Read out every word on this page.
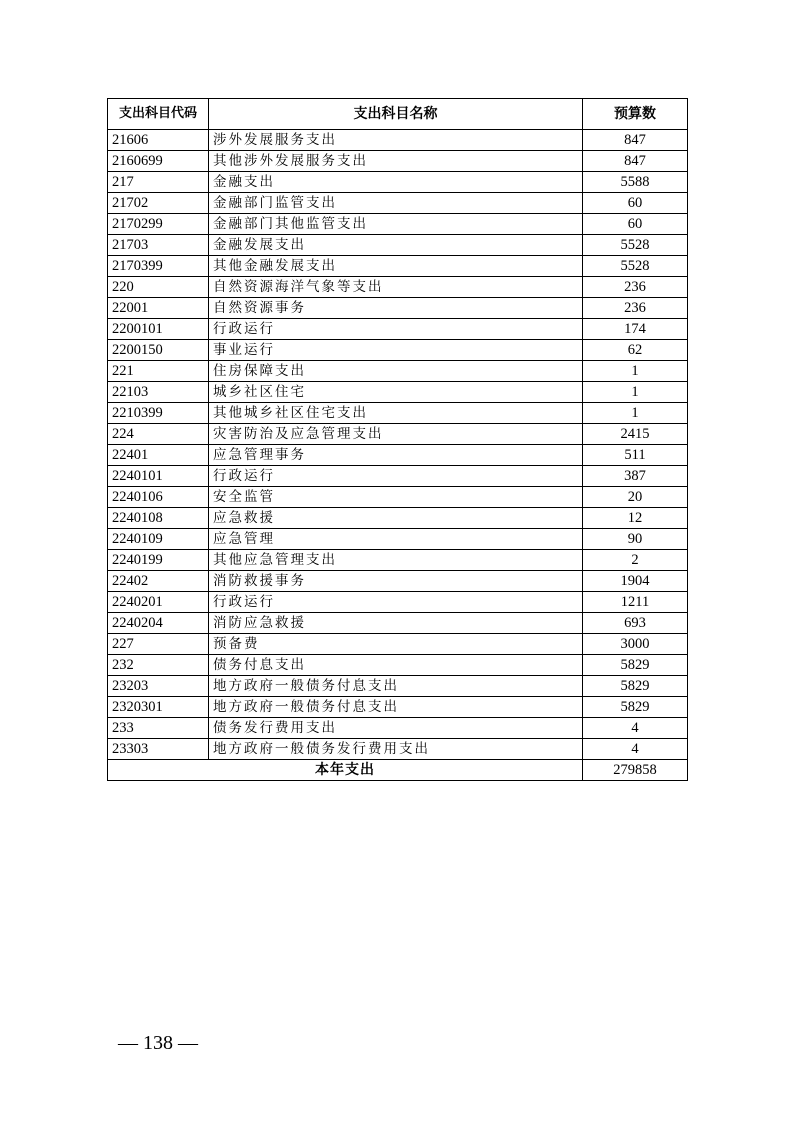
支出科目代码	支出科目名称	预算数
21606	涉外发展服务支出	847
2160699	其他涉外发展服务支出	847
217	金融支出	5588
21702	金融部门监管支出	60
2170299	金融部门其他监管支出	60
21703	金融发展支出	5528
2170399	其他金融发展支出	5528
220	自然资源海洋气象等支出	236
22001	自然资源事务	236
2200101	行政运行	174
2200150	事业运行	62
221	住房保障支出	1
22103	城乡社区住宅	1
2210399	其他城乡社区住宅支出	1
224	灾害防治及应急管理支出	2415
22401	应急管理事务	511
2240101	行政运行	387
2240106	安全监管	20
2240108	应急救援	12
2240109	应急管理	90
2240199	其他应急管理支出	2
22402	消防救援事务	1904
2240201	行政运行	1211
2240204	消防应急救援	693
227	预备费	3000
232	债务付息支出	5829
23203	地方政府一般债务付息支出	5829
2320301	地方政府一般债务付息支出	5829
233	债务发行费用支出	4
23303	地方政府一般债务发行费用支出	4
本年支出		279858
— 138 —
